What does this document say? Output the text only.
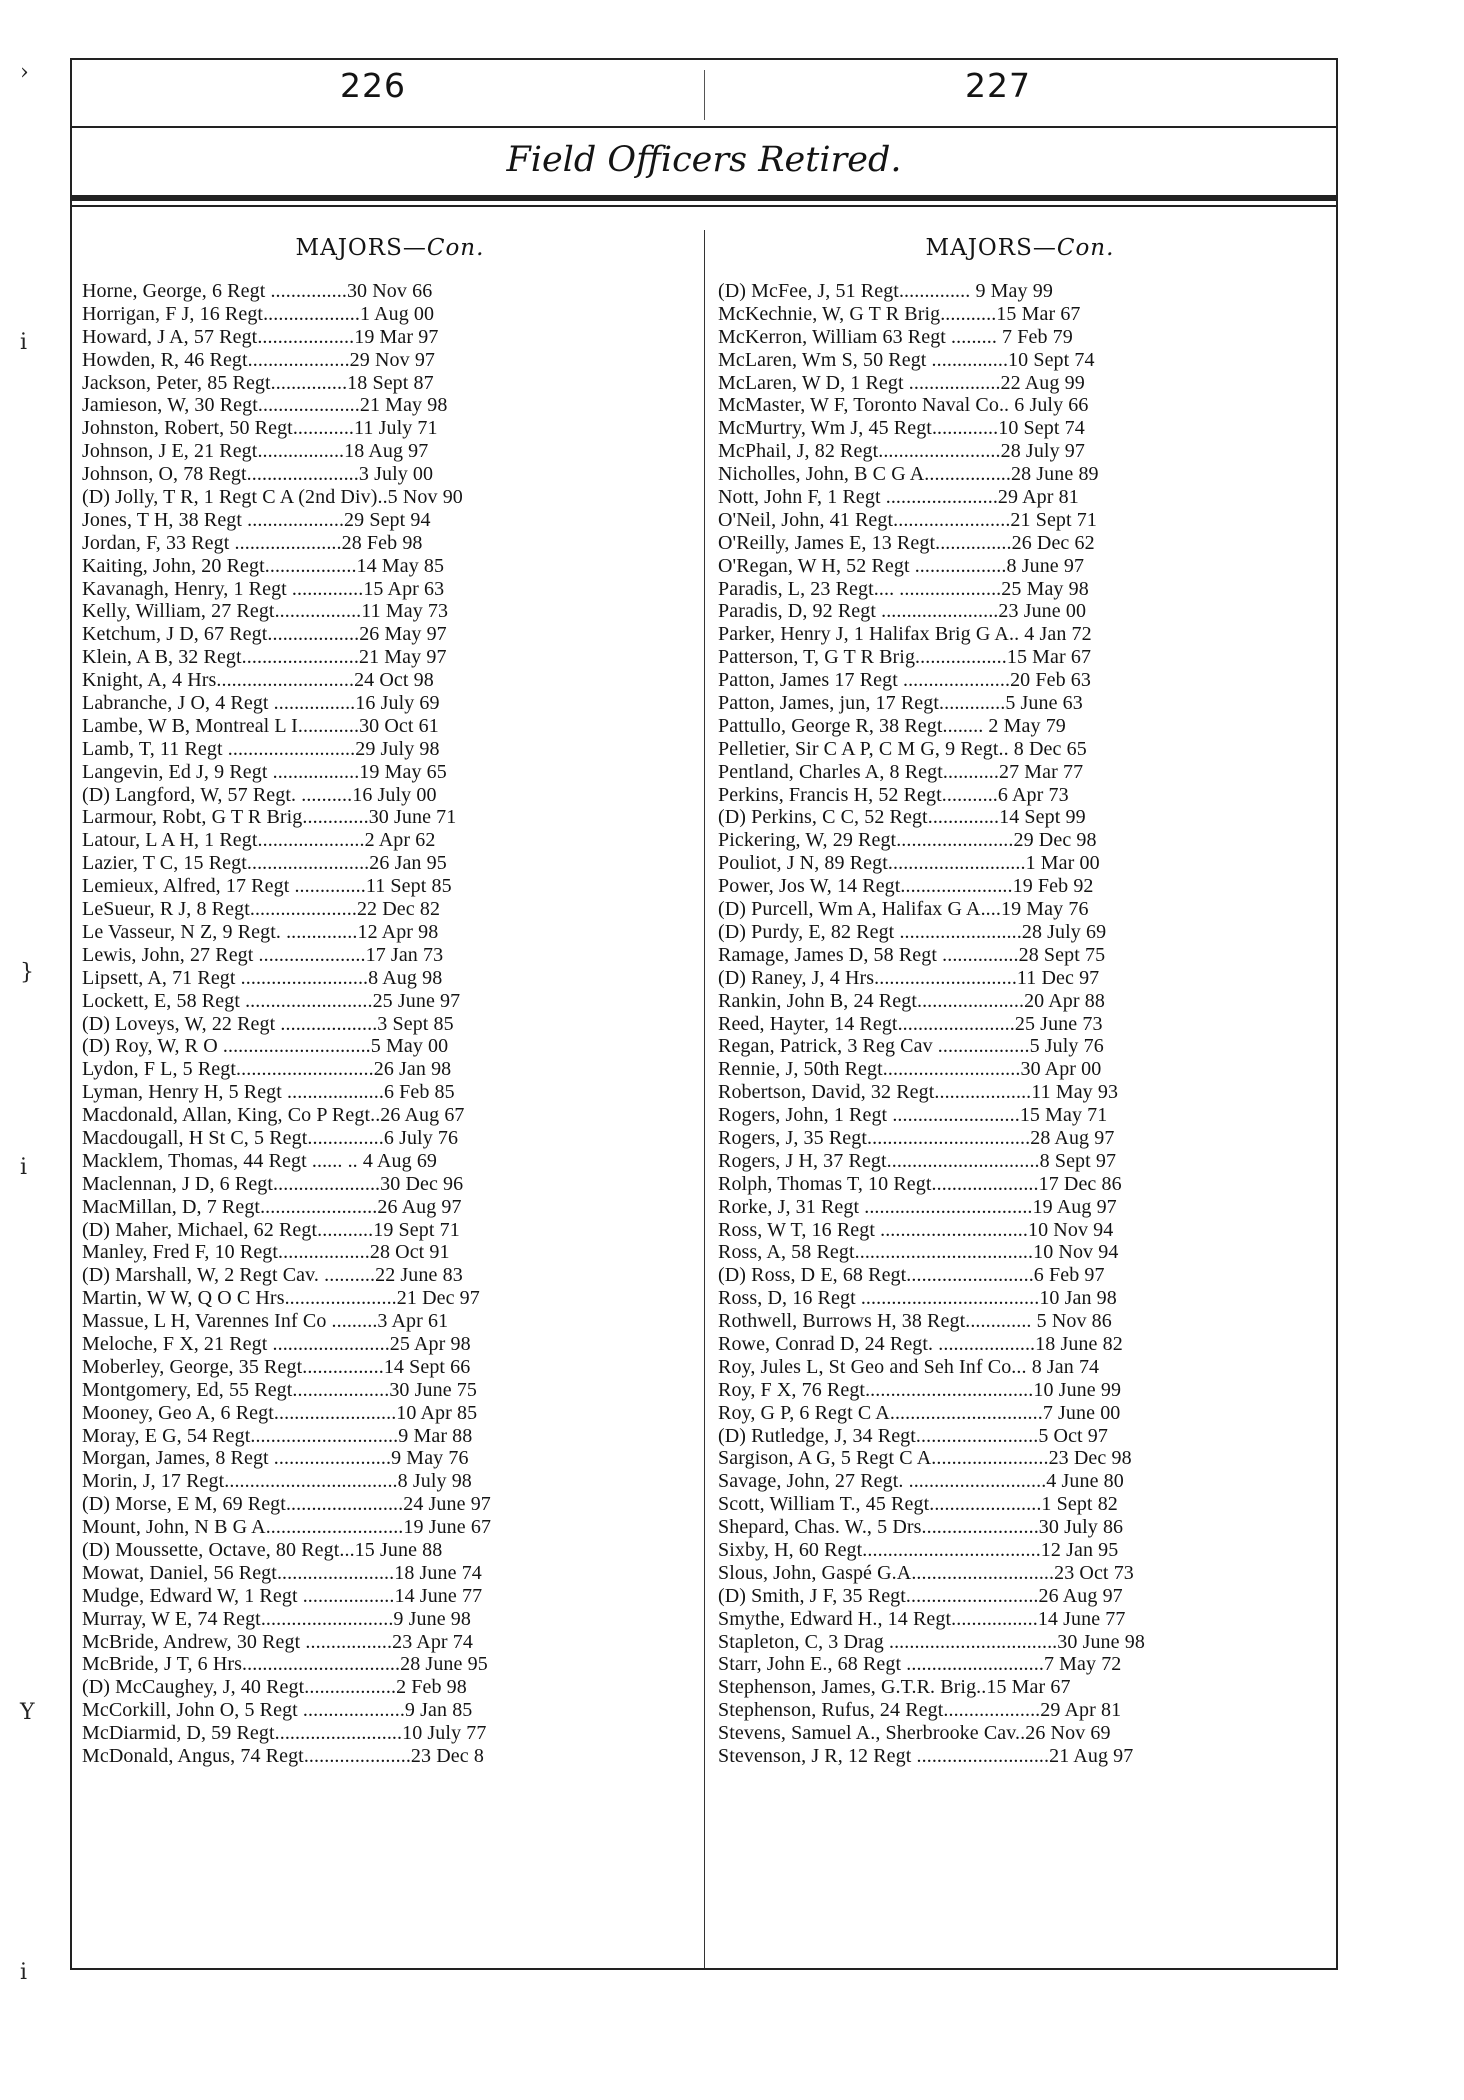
›
i
}
i
Y
i
226	227
Field Officers Retired.
MAJORS—Con.	MAJORS—Con.
Horne, George, 6 Regt ...............30 Nov 66
Horrigan, F J, 16 Regt...................1 Aug 00
Howard, J A, 57 Regt...................19 Mar 97
Howden, R, 46 Regt....................29 Nov 97
Jackson, Peter, 85 Regt...............18 Sept 87
Jamieson, W, 30 Regt....................21 May 98
Johnston, Robert, 50 Regt............11 July 71
Johnson, J E, 21 Regt.................18 Aug 97
Johnson, O, 78 Regt......................3 July 00
(D) Jolly, T R, 1 Regt C A (2nd Div)..5 Nov 90
Jones, T H, 38 Regt ...................29 Sept 94
Jordan, F, 33 Regt .....................28 Feb 98
Kaiting, John, 20 Regt..................14 May 85
Kavanagh, Henry, 1 Regt ..............15 Apr 63
Kelly, William, 27 Regt.................11 May 73
Ketchum, J D, 67 Regt..................26 May 97
Klein, A B, 32 Regt.......................21 May 97
Knight, A, 4 Hrs...........................24 Oct 98
Labranche, J O, 4 Regt ................16 July 69
Lambe, W B, Montreal L I............30 Oct 61
Lamb, T, 11 Regt .........................29 July 98
Langevin, Ed J, 9 Regt .................19 May 65
(D) Langford, W, 57 Regt. ..........16 July 00
Larmour, Robt, G T R Brig.............30 June 71
Latour, L A H, 1 Regt.....................2 Apr 62
Lazier, T C, 15 Regt........................26 Jan 95
Lemieux, Alfred, 17 Regt ..............11 Sept 85
LeSueur, R J, 8 Regt.....................22 Dec 82
Le Vasseur, N Z, 9 Regt. ..............12 Apr 98
Lewis, John, 27 Regt .....................17 Jan 73
Lipsett, A, 71 Regt .........................8 Aug 98
Lockett, E, 58 Regt .........................25 June 97
(D) Loveys, W, 22 Regt ...................3 Sept 85
(D) Roy, W, R O .............................5 May 00
Lydon, F L, 5 Regt...........................26 Jan 98
Lyman, Henry H, 5 Regt ...................6 Feb 85
Macdonald, Allan, King, Co P Regt..26 Aug 67
Macdougall, H St C, 5 Regt...............6 July 76
Macklem, Thomas, 44 Regt ...... .. 4 Aug 69
Maclennan, J D, 6 Regt.....................30 Dec 96
MacMillan, D, 7 Regt.......................26 Aug 97
(D) Maher, Michael, 62 Regt...........19 Sept 71
Manley, Fred F, 10 Regt..................28 Oct 91
(D) Marshall, W, 2 Regt Cav. ..........22 June 83
Martin, W W, Q O C Hrs......................21 Dec 97
Massue, L H, Varennes Inf Co .........3 Apr 61
Meloche, F X, 21 Regt .......................25 Apr 98
Moberley, George, 35 Regt................14 Sept 66
Montgomery, Ed, 55 Regt...................30 June 75
Mooney, Geo A, 6 Regt........................10 Apr 85
Moray, E G, 54 Regt.............................9 Mar 88
Morgan, James, 8 Regt .......................9 May 76
Morin, J, 17 Regt..................................8 July 98
(D) Morse, E M, 69 Regt.......................24 June 97
Mount, John, N B G A...........................19 June 67
(D) Moussette, Octave, 80 Regt...15 June 88
Mowat, Daniel, 56 Regt.......................18 June 74
Mudge, Edward W, 1 Regt ..................14 June 77
Murray, W E, 74 Regt..........................9 June 98
McBride, Andrew, 30 Regt .................23 Apr 74
McBride, J T, 6 Hrs...............................28 June 95
(D) McCaughey, J, 40 Regt..................2 Feb 98
McCorkill, John O, 5 Regt ....................9 Jan 85
McDiarmid, D, 59 Regt.........................10 July 77
McDonald, Angus, 74 Regt.....................23 Dec 8
(D) McFee, J, 51 Regt.............. 9 May 99
McKechnie, W, G T R Brig...........15 Mar 67
McKerron, William 63 Regt ......... 7 Feb 79
McLaren, Wm S, 50 Regt ...............10 Sept 74
McLaren, W D, 1 Regt ..................22 Aug 99
McMaster, W F, Toronto Naval Co.. 6 July 66
McMurtry, Wm J, 45 Regt.............10 Sept 74
McPhail, J, 82 Regt........................28 July 97
Nicholles, John, B C G A.................28 June 89
Nott, John F, 1 Regt ......................29 Apr 81
O'Neil, John, 41 Regt.......................21 Sept 71
O'Reilly, James E, 13 Regt...............26 Dec 62
O'Regan, W H, 52 Regt ..................8 June 97
Paradis, L, 23 Regt.... ....................25 May 98
Paradis, D, 92 Regt .......................23 June 00
Parker, Henry J, 1 Halifax Brig G A.. 4 Jan 72
Patterson, T, G T R Brig..................15 Mar 67
Patton, James 17 Regt .....................20 Feb 63
Patton, James, jun, 17 Regt.............5 June 63
Pattullo, George R, 38 Regt........ 2 May 79
Pelletier, Sir C A P, C M G, 9 Regt.. 8 Dec 65
Pentland, Charles A, 8 Regt...........27 Mar 77
Perkins, Francis H, 52 Regt...........6 Apr 73
(D) Perkins, C C, 52 Regt..............14 Sept 99
Pickering, W, 29 Regt.......................29 Dec 98
Pouliot, J N, 89 Regt...........................1 Mar 00
Power, Jos W, 14 Regt......................19 Feb 92
(D) Purcell, Wm A, Halifax G A....19 May 76
(D) Purdy, E, 82 Regt ........................28 July 69
Ramage, James D, 58 Regt ...............28 Sept 75
(D) Raney, J, 4 Hrs............................11 Dec 97
Rankin, John B, 24 Regt.....................20 Apr 88
Reed, Hayter, 14 Regt.......................25 June 73
Regan, Patrick, 3 Reg Cav ..................5 July 76
Rennie, J, 50th Regt...........................30 Apr 00
Robertson, David, 32 Regt...................11 May 93
Rogers, John, 1 Regt .........................15 May 71
Rogers, J, 35 Regt................................28 Aug 97
Rogers, J H, 37 Regt..............................8 Sept 97
Rolph, Thomas T, 10 Regt.....................17 Dec 86
Rorke, J, 31 Regt .................................19 Aug 97
Ross, W T, 16 Regt .............................10 Nov 94
Ross, A, 58 Regt...................................10 Nov 94
(D) Ross, D E, 68 Regt.........................6 Feb 97
Ross, D, 16 Regt ...................................10 Jan 98
Rothwell, Burrows H, 38 Regt............. 5 Nov 86
Rowe, Conrad D, 24 Regt. ...................18 June 82
Roy, Jules L, St Geo and Seh Inf Co... 8 Jan 74
Roy, F X, 76 Regt.................................10 June 99
Roy, G P, 6 Regt C A..............................7 June 00
(D) Rutledge, J, 34 Regt........................5 Oct 97
Sargison, A G, 5 Regt C A.......................23 Dec 98
Savage, John, 27 Regt. ...........................4 June 80
Scott, William T., 45 Regt......................1 Sept 82
Shepard, Chas. W., 5 Drs.......................30 July 86
Sixby, H, 60 Regt...................................12 Jan 95
Slous, John, Gaspé G.A............................23 Oct 73
(D) Smith, J F, 35 Regt..........................26 Aug 97
Smythe, Edward H., 14 Regt.................14 June 77
Stapleton, C, 3 Drag .................................30 June 98
Starr, John E., 68 Regt ...........................7 May 72
Stephenson, James, G.T.R. Brig..15 Mar 67
Stephenson, Rufus, 24 Regt...................29 Apr 81
Stevens, Samuel A., Sherbrooke Cav..26 Nov 69
Stevenson, J R, 12 Regt ..........................21 Aug 97
